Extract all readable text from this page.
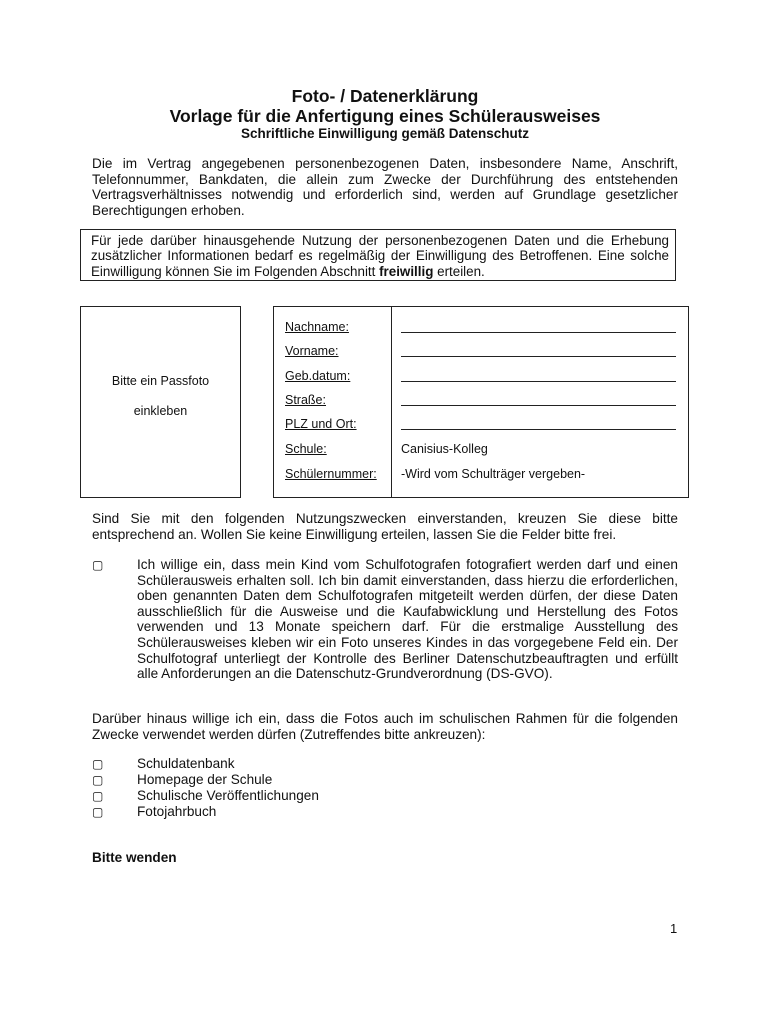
Foto- / Datenerklärung
Vorlage für die Anfertigung eines Schülerausweises
Schriftliche Einwilligung gemäß Datenschutz
Die im Vertrag angegebenen personenbezogenen Daten, insbesondere Name, Anschrift, Telefonnummer, Bankdaten, die allein zum Zwecke der Durchführung des entstehenden Vertragsverhältnisses notwendig und erforderlich sind, werden auf Grundlage gesetzlicher Berechtigungen erhoben.
Für jede darüber hinausgehende Nutzung der personenbezogenen Daten und die Erhebung zusätzlicher Informationen bedarf es regelmäßig der Einwilligung des Betroffenen. Eine solche Einwilligung können Sie im Folgenden Abschnitt freiwillig erteilen.
Bitte ein Passfoto
einkleben
Nachname:
Vorname:
Geb.datum:
Straße:
PLZ und Ort:
Schule:	Canisius-Kolleg
Schülernummer: -Wird vom Schulträger vergeben-
Sind Sie mit den folgenden Nutzungszwecken einverstanden, kreuzen Sie diese bitte entsprechend an. Wollen Sie keine Einwilligung erteilen, lassen Sie die Felder bitte frei.
▢ Ich willige ein, dass mein Kind vom Schulfotografen fotografiert werden darf und einen Schülerausweis erhalten soll. Ich bin damit einverstanden, dass hierzu die erforderlichen, oben genannten Daten dem Schulfotografen mitgeteilt werden dürfen, der diese Daten ausschließlich für die Ausweise und die Kaufabwicklung und Herstellung des Fotos verwenden und 13 Monate speichern darf. Für die erstmalige Ausstellung des Schülerausweises kleben wir ein Foto unseres Kindes in das vorgegebene Feld ein. Der Schulfotograf unterliegt der Kontrolle des Berliner Datenschutzbeauftragten und erfüllt alle Anforderungen an die Datenschutz-Grundverordnung (DS-GVO).
Darüber hinaus willige ich ein, dass die Fotos auch im schulischen Rahmen für die folgenden Zwecke verwendet werden dürfen (Zutreffendes bitte ankreuzen):
▢ Schuldatenbank
▢ Homepage der Schule
▢ Schulische Veröffentlichungen
▢ Fotojahrbuch
Bitte wenden
1
